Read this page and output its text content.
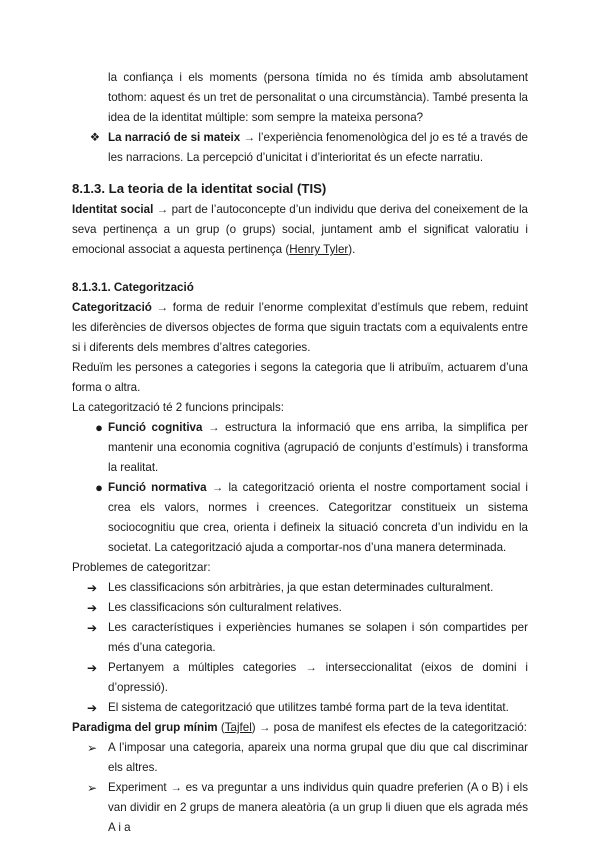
la confiança i els moments (persona tímida no és tímida amb absolutament tothom: aquest és un tret de personalitat o una circumstància). També presenta la idea de la identitat múltiple: som sempre la mateixa persona?

❖ La narració de si mateix → l’experiència fenomenològica del jo es té a través de les narracions. La percepció d’unicitat i d’interioritat és un efecte narratiu.
8.1.3. La teoria de la identitat social (TIS)

Identitat social → part de l’autoconcepte d’un individu que deriva del coneixement de la seva pertinença a un grup (o grups) social, juntament amb el significat valoratiu i emocional associat a aquesta pertinença (Henry Tyler).

8.1.3.1. Categorització

Categorització → forma de reduir l’enorme complexitat d’estímuls que rebem, reduint les diferències de diversos objectes de forma que siguin tractats com a equivalents entre si i diferents dels membres d’altres categories.

Reduïm les persones a categories i segons la categoria que li atribuïm, actuarem d’una forma o altra.

La categorització té 2 funcions principals:

● Funció cognitiva → estructura la informació que ens arriba, la simplifica per mantenir una economia cognitiva (agrupació de conjunts d’estímuls) i transforma la realitat.
● Funció normativa → la categorització orienta el nostre comportament social i crea els valors, normes i creences. Categoritzar constitueix un sistema sociocognitiu que crea, orienta i defineix la situació concreta d’un individu en la societat. La categorització ajuda a comportar-nos d’una manera determinada.

Problemes de categoritzar:

➔ Les classificacions són arbitràries, ja que estan determinades culturalment.
➔ Les classificacions són culturalment relatives.
➔ Les característiques i experiències humanes se solapen i són compartides per més d’una categoria.
➔ Pertanyem a múltiples categories → interseccionalitat (eixos de domini i d’opressió).
➔ El sistema de categorització que utilitzes també forma part de la teva identitat.

Paradigma del grup mínim (Tajfel) → posa de manifest els efectes de la categorització:

➢ A l’imposar una categoria, apareix una norma grupal que diu que cal discriminar els altres.
➢ Experiment → es va preguntar a uns individus quin quadre preferien (A o B) i els van dividir en 2 grups de manera aleatòria (a un grup li diuen que els agrada més A i a
